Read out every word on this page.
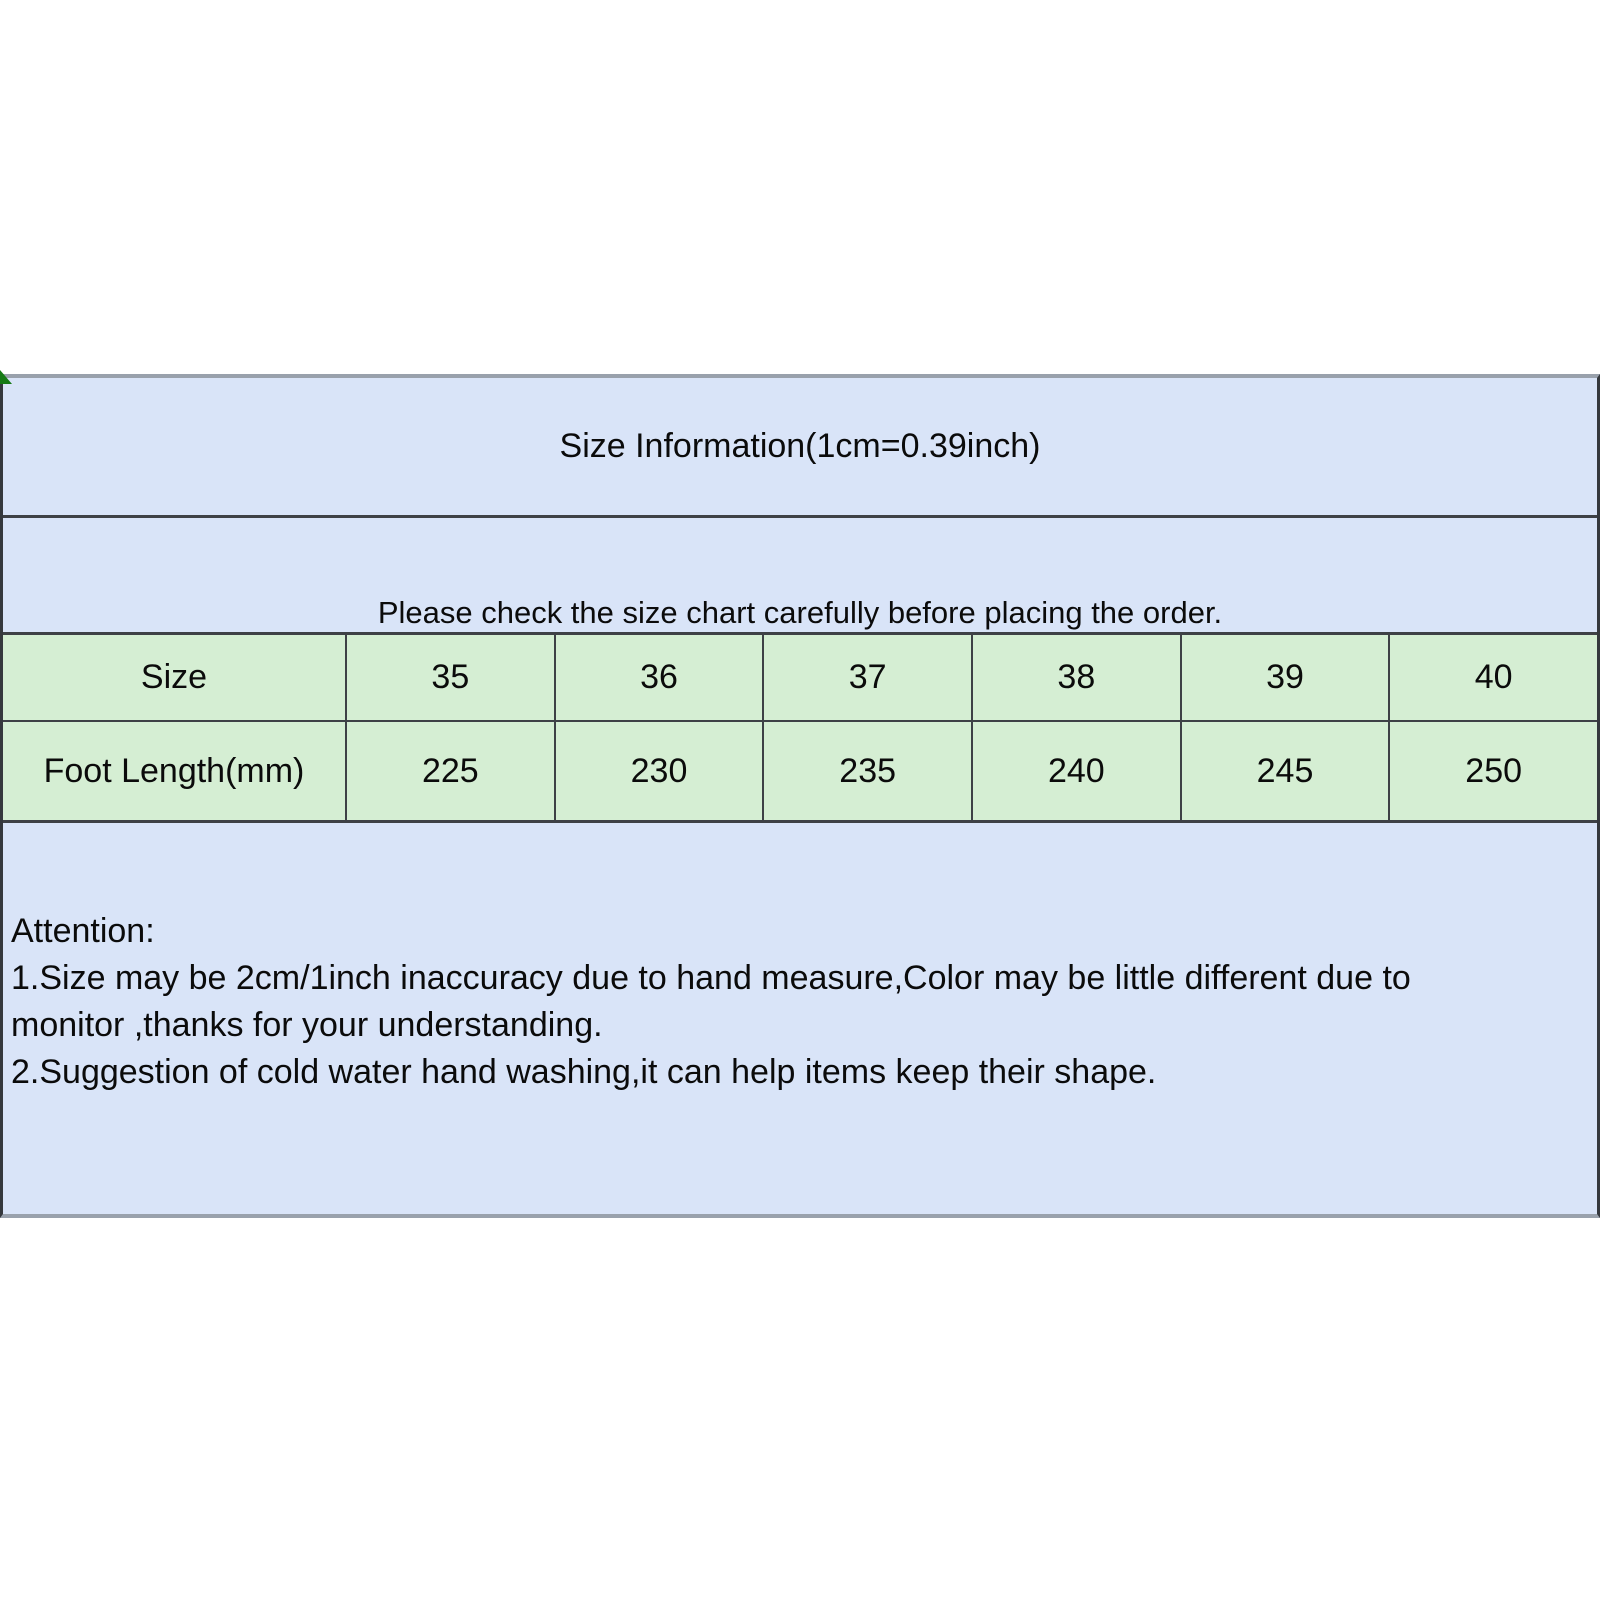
Size Information(1cm=0.39inch)
Please check the size chart carefully before placing the order.
Size	35	36	37	38	39	40
Foot Length(mm)	225	230	235	240	245	250
Attention:
1.Size may be 2cm/1inch inaccuracy due to hand measure,Color may be little different due to
monitor ,thanks for your understanding.
2.Suggestion of cold water hand washing,it can help items keep their shape.
